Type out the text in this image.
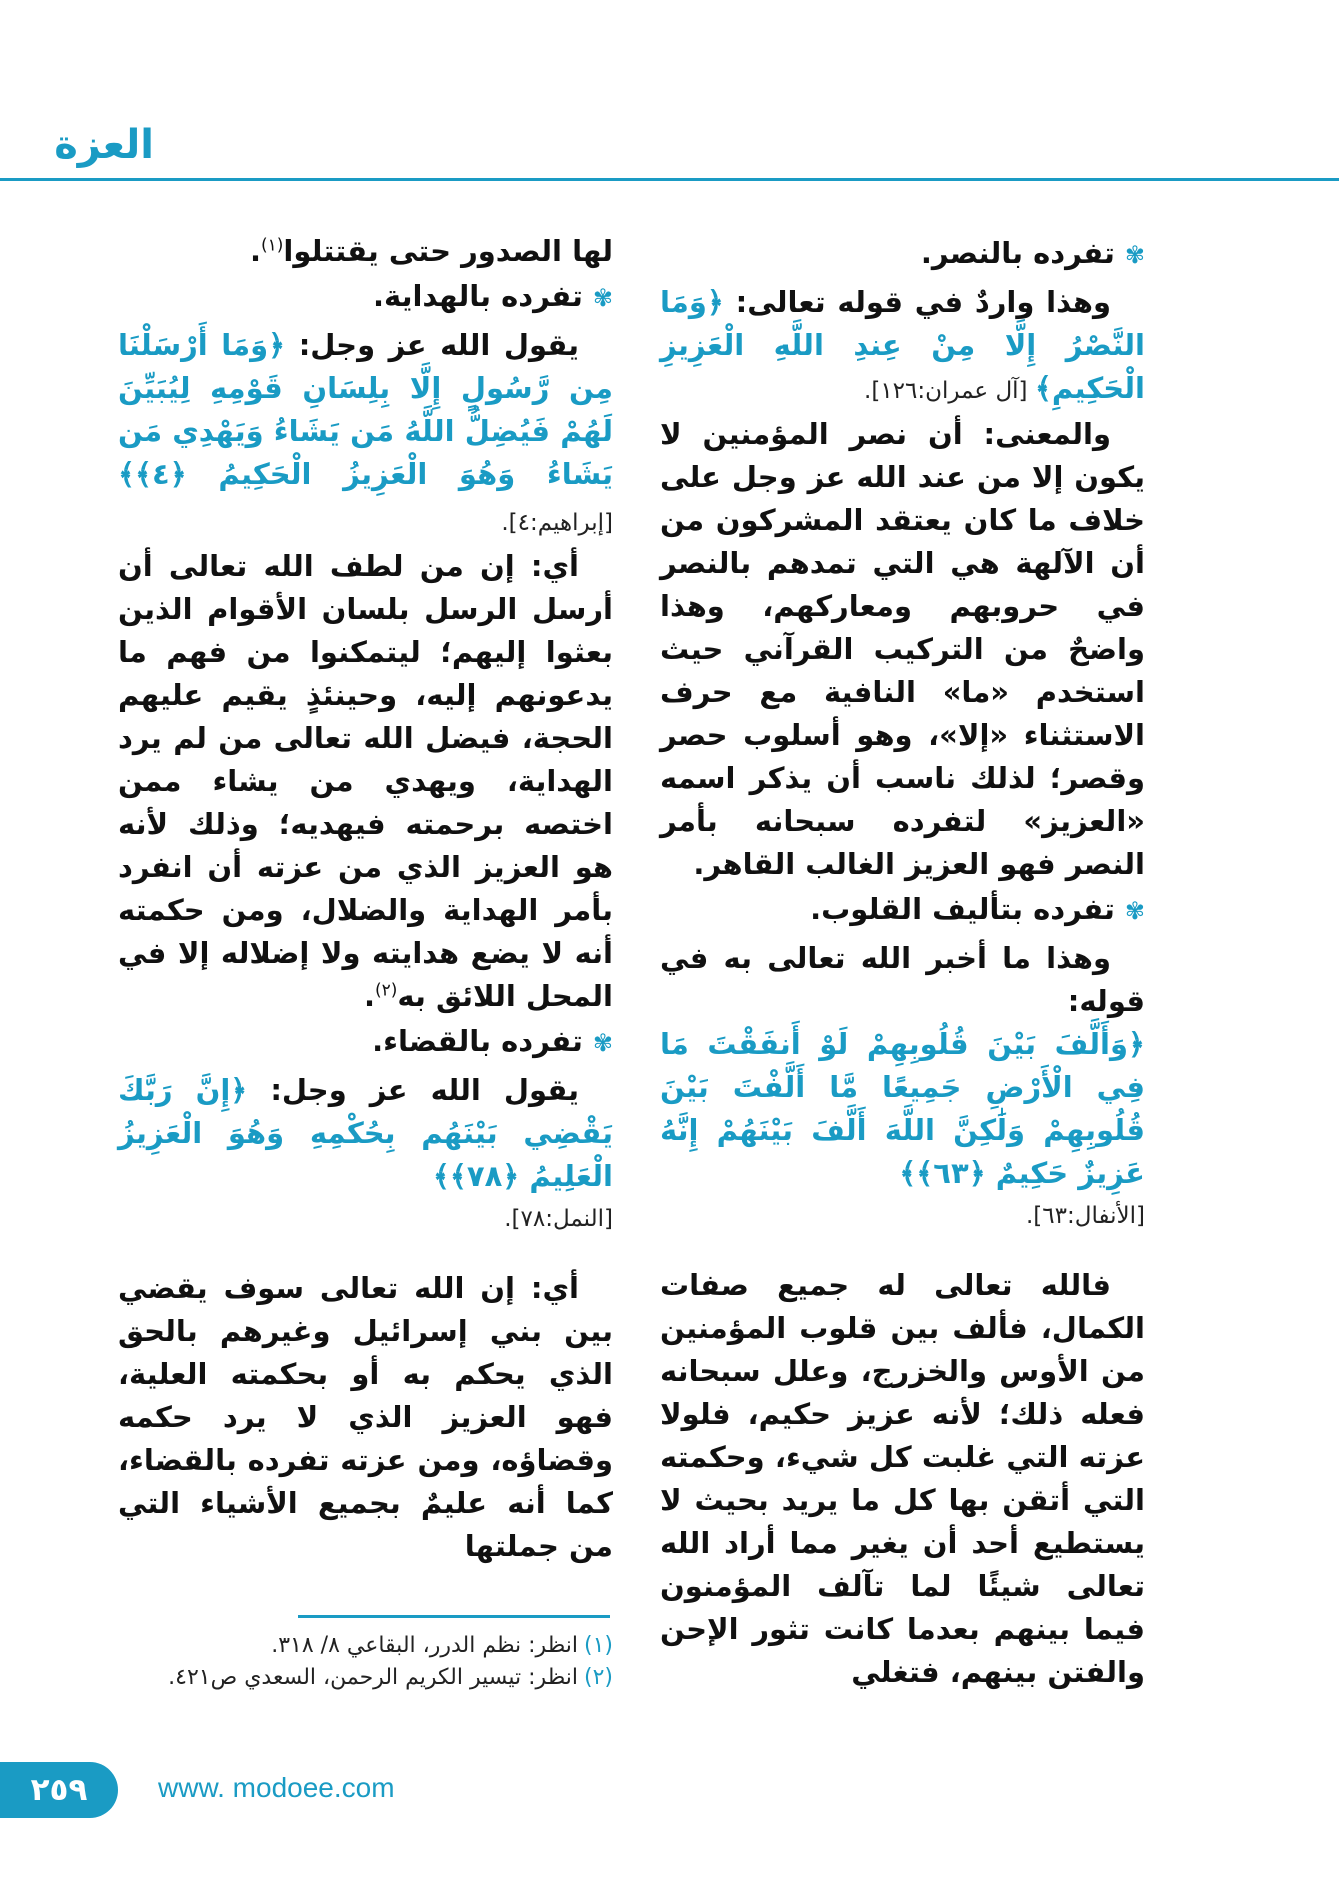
العزة

✾تفرده بالنصر.

وهذا واردٌ في قوله تعالى: ﴿وَمَا النَّصْرُ إِلَّا مِنْ عِندِ اللَّهِ الْعَزِيزِ الْحَكِيمِ﴾ [آل عمران:١٢٦].

والمعنى: أن نصر المؤمنين لا يكون إلا من عند الله عز وجل على خلاف ما كان يعتقد المشركون من أن الآلهة هي التي تمدهم بالنصر في حروبهم ومعاركهم، وهذا واضحٌ من التركيب القرآني حيث استخدم «ما» النافية مع حرف الاستثناء «إلا»، وهو أسلوب حصر وقصر؛ لذلك ناسب أن يذكر اسمه «العزيز» لتفرده سبحانه بأمر النصر فهو العزيز الغالب القاهر.

✾تفرده بتأليف القلوب.

وهذا ما أخبر الله تعالى به في قوله:

﴿وَأَلَّفَ بَيْنَ قُلُوبِهِمْ لَوْ أَنفَقْتَ مَا فِي الْأَرْضِ جَمِيعًا مَّا أَلَّفْتَ بَيْنَ قُلُوبِهِمْ وَلَٰكِنَّ اللَّهَ أَلَّفَ بَيْنَهُمْ إِنَّهُ عَزِيزٌ حَكِيمٌ ﴿٦٣﴾﴾

[الأنفال:٦٣].

فالله تعالى له جميع صفات الكمال، فألف بين قلوب المؤمنين من الأوس والخزرج، وعلل سبحانه فعله ذلك؛ لأنه عزيز حكيم، فلولا عزته التي غلبت كل شيء، وحكمته التي أتقن بها كل ما يريد بحيث لا يستطيع أحد أن يغير مما أراد الله تعالى شيئًا لما تآلف المؤمنون فيما بينهم بعدما كانت تثور الإحن والفتن بينهم، فتغلي

لها الصدور حتى يقتتلوا$^{(١)}$.

✾تفرده بالهداية.

يقول الله عز وجل: ﴿وَمَا أَرْسَلْنَا مِن رَّسُولٍ إِلَّا بِلِسَانِ قَوْمِهِ لِيُبَيِّنَ لَهُمْ فَيُضِلُّ اللَّهُ مَن يَشَاءُ وَيَهْدِي مَن يَشَاءُ وَهُوَ الْعَزِيزُ الْحَكِيمُ ﴿٤﴾﴾ [إبراهيم:٤].

أي: إن من لطف الله تعالى أن أرسل الرسل بلسان الأقوام الذين بعثوا إليهم؛ ليتمكنوا من فهم ما يدعونهم إليه، وحينئذٍ يقيم عليهم الحجة، فيضل الله تعالى من لم يرد الهداية، ويهدي من يشاء ممن اختصه برحمته فيهديه؛ وذلك لأنه هو العزيز الذي من عزته أن انفرد بأمر الهداية والضلال، ومن حكمته أنه لا يضع هدايته ولا إضلاله إلا في المحل اللائق به$^{(٢)}$.

✾تفرده بالقضاء.

يقول الله عز وجل: ﴿إِنَّ رَبَّكَ يَقْضِي بَيْنَهُم بِحُكْمِهِ وَهُوَ الْعَزِيزُ الْعَلِيمُ ﴿٧٨﴾﴾

[النمل:٧٨].

أي: إن الله تعالى سوف يقضي بين بني إسرائيل وغيرهم بالحق الذي يحكم به أو بحكمته العلية، فهو العزيز الذي لا يرد حكمه وقضاؤه، ومن عزته تفرده بالقضاء، كما أنه عليمٌ بجميع الأشياء التي من جملتها

(١)انظر: نظم الدرر، البقاعي ٨/ ٣١٨.

(٢)انظر: تيسير الكريم الرحمن، السعدي ص٤٢١.

٢٥٩	www. modoee.com
